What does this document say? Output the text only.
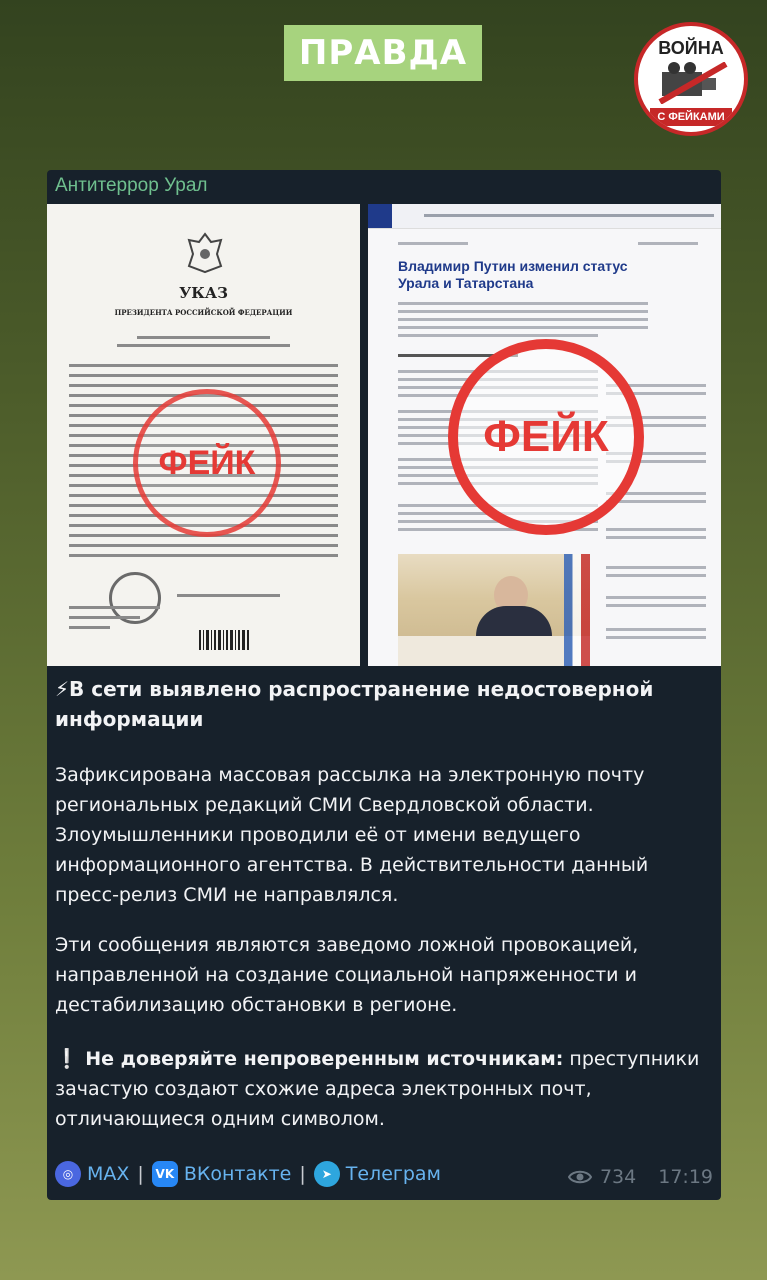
ПРАВДА	ВОЙНА
С ФЕЙКАМИ
Антитеррор Урал
УКАЗ
ПРЕЗИДЕНТА РОССИЙСКОЙ ФЕДЕРАЦИИ
ФЕЙК
Владимир Путин изменил статус Урала и Татарстана
ФЕЙК
⚡В сети выявлено распространение недостоверной информации
Зафиксирована массовая рассылка на электронную почту региональных редакций СМИ Свердловской области. Злоумышленники проводили её от имени ведущего информационного агентства. В действительности данный пресс-релиз СМИ не направлялся.
Эти сообщения являются заведомо ложной провокацией, направленной на создание социальной напряженности и дестабилизацию обстановки в регионе.
❕ Не доверяйте непроверенным источникам: преступники зачастую создают схожие адреса электронных почт, отличающиеся одним символом.
◎ MAX | VK ВКонтакте |	➤ Телеграм	734 17:19
